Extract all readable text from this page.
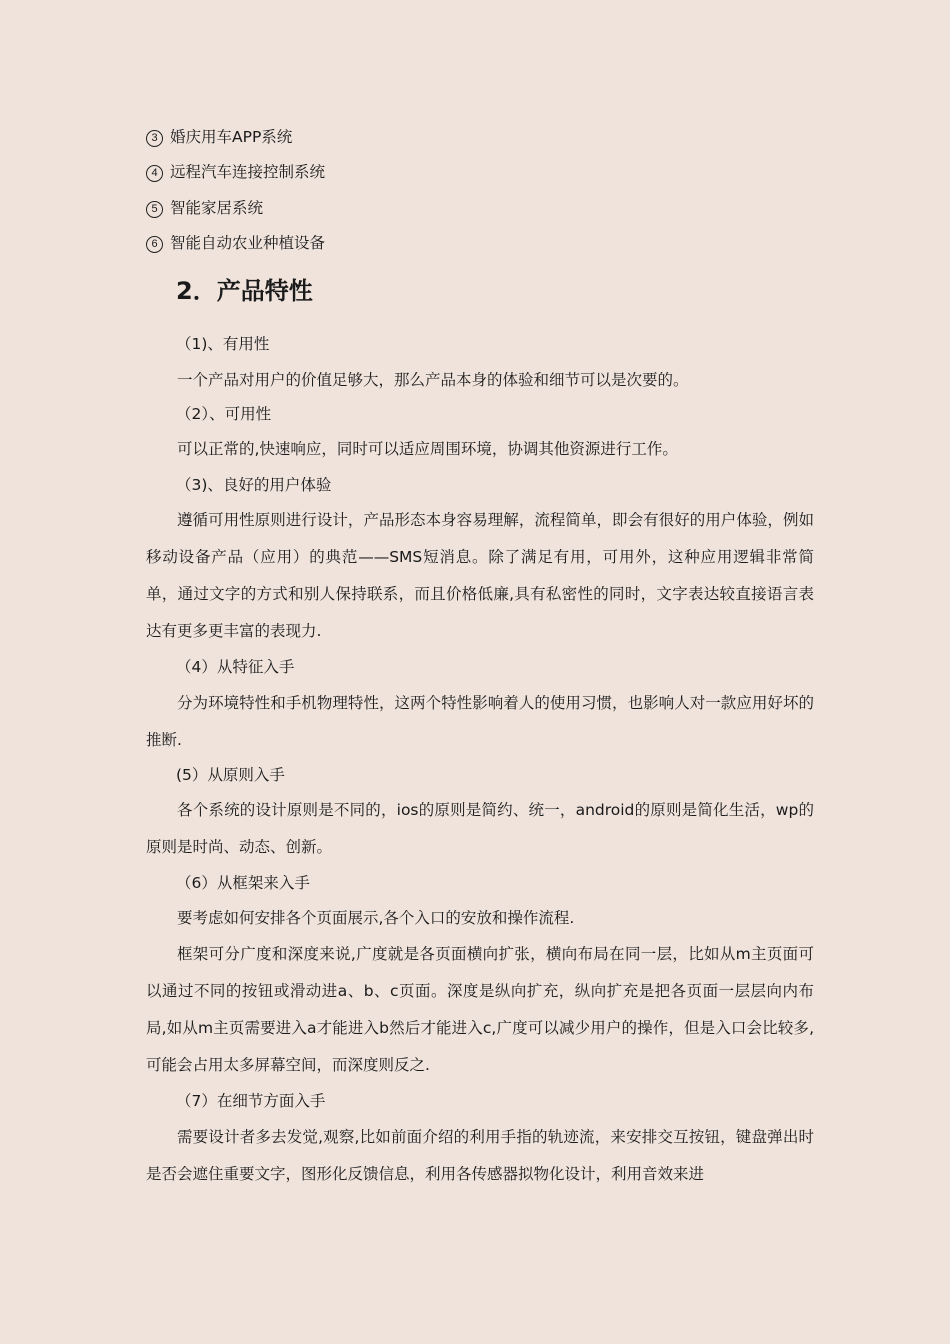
3 婚庆用车APP系统
4 远程汽车连接控制系统
5 智能家居系统
6 智能自动农业种植设备
2．产品特性
（1)、有用性
一个产品对用户的价值足够大，那么产品本身的体验和细节可以是次要的。
（2）、可用性
可以正常的,快速响应，同时可以适应周围环境，协调其他资源进行工作。
（3)、良好的用户体验
遵循可用性原则进行设计，产品形态本身容易理解，流程简单，即会有很好的用户体验，例如移动设备产品（应用）的典范——SMS短消息。除了满足有用，可用外，这种应用逻辑非常简单，通过文字的方式和别人保持联系，而且价格低廉,具有私密性的同时，文字表达较直接语言表达有更多更丰富的表现力.
（4）从特征入手
分为环境特性和手机物理特性，这两个特性影响着人的使用习惯，也影响人对一款应用好坏的推断.
(5）从原则入手
各个系统的设计原则是不同的，ios的原则是简约、统一，android的原则是简化生活，wp的原则是时尚、动态、创新。
（6）从框架来入手
要考虑如何安排各个页面展示,各个入口的安放和操作流程.
框架可分广度和深度来说,广度就是各页面横向扩张，横向布局在同一层，比如从m主页面可以通过不同的按钮或滑动进a、b、c页面。深度是纵向扩充，纵向扩充是把各页面一层层向内布局,如从m主页需要进入a才能进入b然后才能进入c,广度可以减少用户的操作，但是入口会比较多,可能会占用太多屏幕空间，而深度则反之.
（7）在细节方面入手
需要设计者多去发觉,观察,比如前面介绍的利用手指的轨迹流，来安排交互按钮，键盘弹出时是否会遮住重要文字，图形化反馈信息，利用各传感器拟物化设计，利用音效来进
